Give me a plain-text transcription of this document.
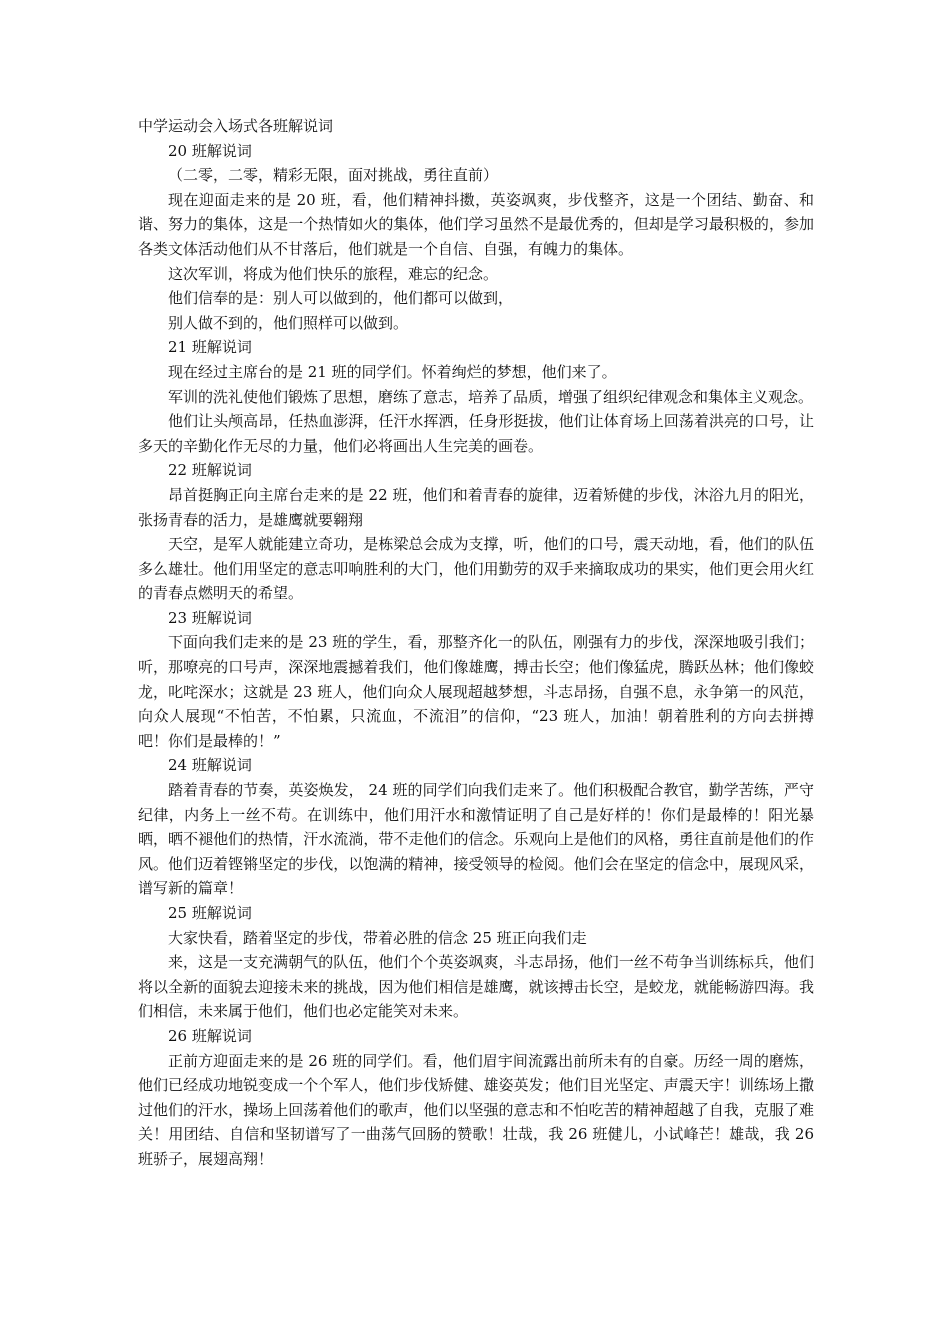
中学运动会入场式各班解说词
20 班解说词

（二零，二零，精彩无限，面对挑战，勇往直前）

现在迎面走来的是 20 班，看，他们精神抖擞，英姿飒爽，步伐整齐，这是一个团结、勤奋、和谐、努力的集体，这是一个热情如火的集体，他们学习虽然不是最优秀的，但却是学习最积极的，参加各类文体活动他们从不甘落后，他们就是一个自信、自强，有魄力的集体。

这次军训，将成为他们快乐的旅程，难忘的纪念。

他们信奉的是：别人可以做到的，他们都可以做到，

别人做不到的，他们照样可以做到。

21 班解说词

现在经过主席台的是 21 班的同学们。怀着绚烂的梦想，他们来了。

军训的洗礼使他们锻炼了思想，磨练了意志，培养了品质，增强了组织纪律观念和集体主义观念。

他们让头颅高昂，任热血澎湃，任汗水挥洒，任身形挺拔，他们让体育场上回荡着洪亮的口号，让多天的辛勤化作无尽的力量，他们必将画出人生完美的画卷。

22 班解说词

昂首挺胸正向主席台走来的是 22 班，他们和着青春的旋律，迈着矫健的步伐，沐浴九月的阳光，张扬青春的活力，是雄鹰就要翱翔

天空，是军人就能建立奇功，是栋梁总会成为支撑，听，他们的口号，震天动地，看，他们的队伍多么雄壮。他们用坚定的意志叩响胜利的大门，他们用勤劳的双手来摘取成功的果实，他们更会用火红的青春点燃明天的希望。

23 班解说词

下面向我们走来的是 23 班的学生，看，那整齐化一的队伍，刚强有力的步伐，深深地吸引我们；听，那嘹亮的口号声，深深地震撼着我们，他们像雄鹰，搏击长空；他们像猛虎，腾跃丛林；他们像蛟龙，叱咤深水；这就是 23 班人，他们向众人展现超越梦想，斗志昂扬，自强不息，永争第一的风范，向众人展现“不怕苦，不怕累，只流血，不流泪”的信仰，“23 班人，加油！朝着胜利的方向去拼搏吧！你们是最棒的！”

24 班解说词

踏着青春的节奏，英姿焕发， 24 班的同学们向我们走来了。他们积极配合教官，勤学苦练，严守纪律，内务上一丝不苟。在训练中，他们用汗水和激情证明了自己是好样的！你们是最棒的！阳光暴晒，晒不褪他们的热情，汗水流淌，带不走他们的信念。乐观向上是他们的风格，勇往直前是他们的作风。他们迈着铿锵坚定的步伐，以饱满的精神，接受领导的检阅。他们会在坚定的信念中，展现风采，谱写新的篇章！

25 班解说词

大家快看，踏着坚定的步伐，带着必胜的信念 25 班正向我们走

来，这是一支充满朝气的队伍，他们个个英姿飒爽，斗志昂扬，他们一丝不苟争当训练标兵，他们将以全新的面貌去迎接未来的挑战，因为他们相信是雄鹰，就该搏击长空，是蛟龙，就能畅游四海。我们相信，未来属于他们，他们也必定能笑对未来。

26 班解说词

正前方迎面走来的是 26 班的同学们。看，他们眉宇间流露出前所未有的自豪。历经一周的磨炼，他们已经成功地锐变成一个个军人，他们步伐矫健、雄姿英发；他们目光坚定、声震天宇！训练场上撒过他们的汗水，操场上回荡着他们的歌声，他们以坚强的意志和不怕吃苦的精神超越了自我，克服了难关！用团结、自信和坚韧谱写了一曲荡气回肠的赞歌！壮哉，我 26 班健儿，小试峰芒！雄哉，我 26 班骄子，展翅高翔！
